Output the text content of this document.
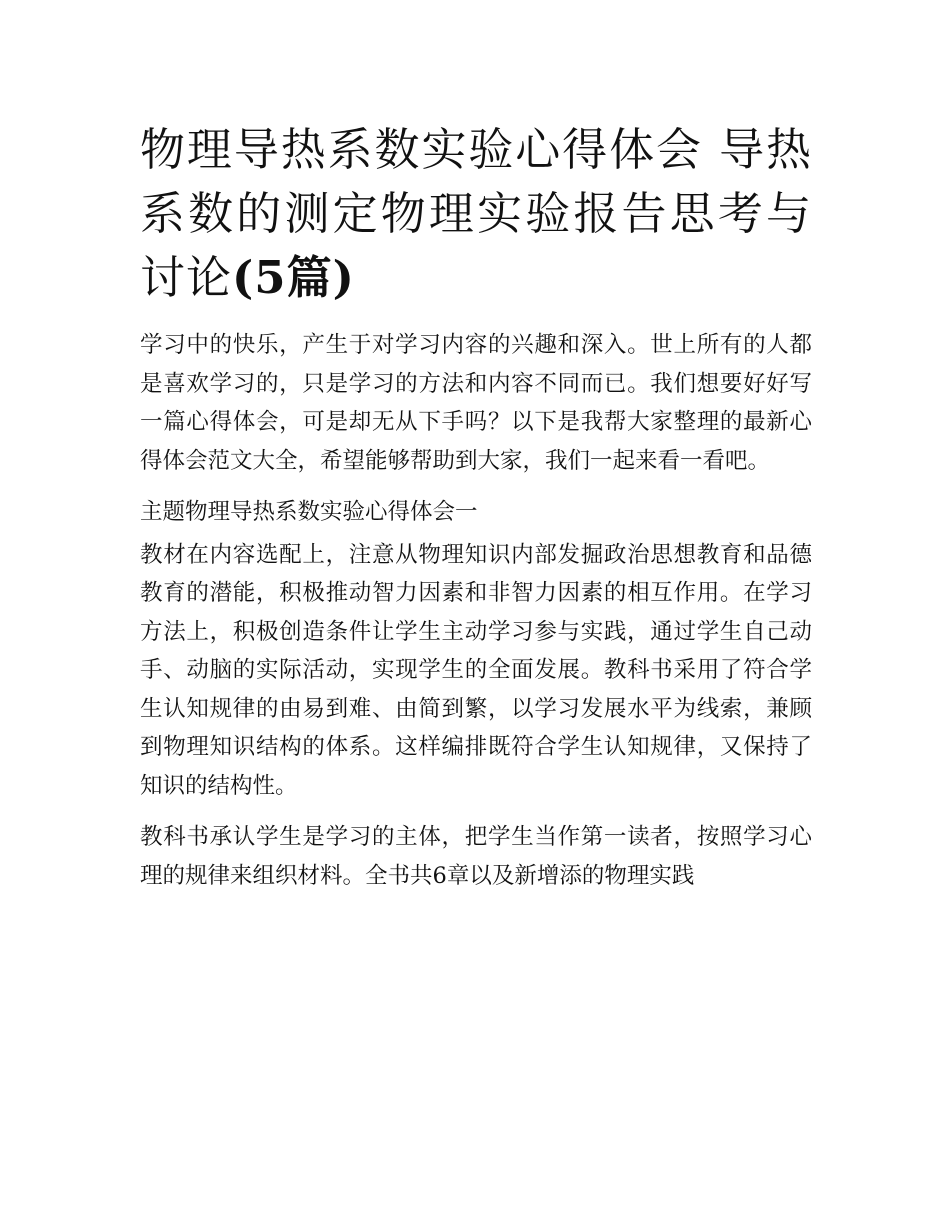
物理导热系数实验心得体会 导热系数的测定物理实验报告思考与讨论(5篇)

学习中的快乐，产生于对学习内容的兴趣和深入。世上所有的人都是喜欢学习的，只是学习的方法和内容不同而已。我们想要好好写一篇心得体会，可是却无从下手吗？以下是我帮大家整理的最新心得体会范文大全，希望能够帮助到大家，我们一起来看一看吧。

主题物理导热系数实验心得体会一

教材在内容选配上，注意从物理知识内部发掘政治思想教育和品德教育的潜能，积极推动智力因素和非智力因素的相互作用。在学习方法上，积极创造条件让学生主动学习参与实践，通过学生自己动手、动脑的实际活动，实现学生的全面发展。教科书采用了符合学生认知规律的由易到难、由简到繁，以学习发展水平为线索，兼顾到物理知识结构的体系。这样编排既符合学生认知规律，又保持了知识的结构性。

教科书承认学生是学习的主体，把学生当作第一读者，按照学习心理的规律来组织材料。全书共6章以及新增添的物理实践
